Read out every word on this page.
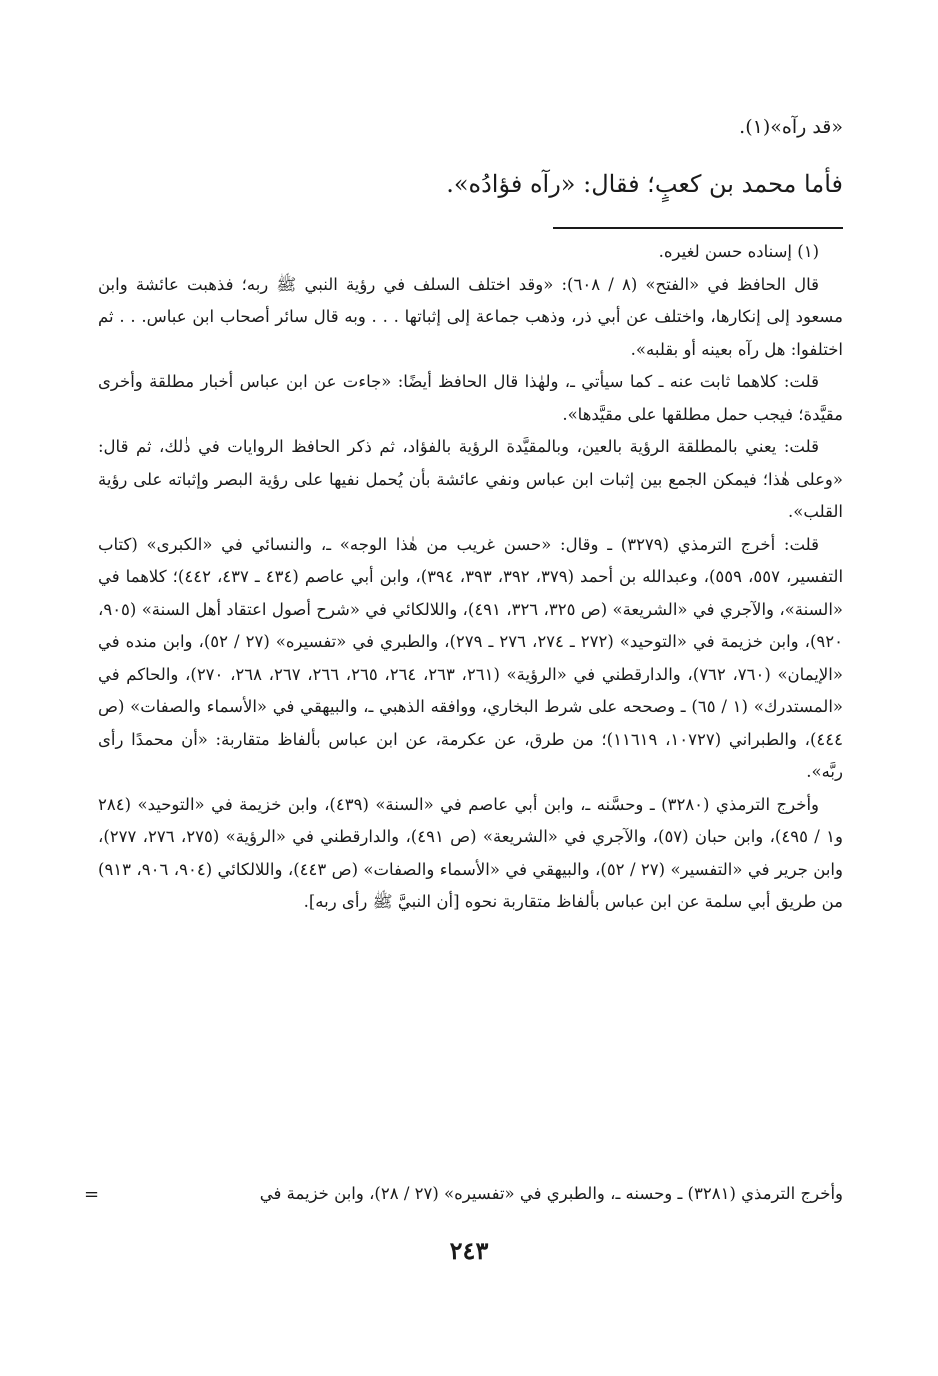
«قد رآه»(١).
فأما محمد بن كعبٍ؛ فقال: «رآه فؤادُه».

(١) إسناده حسن لغيره.

قال الحافظ في «الفتح» (٨ / ٦٠٨): «وقد اختلف السلف في رؤية النبي ﷺ ربه؛ فذهبت عائشة وابن مسعود إلى إنكارها، واختلف عن أبي ذر، وذهب جماعة إلى إثباتها . . . وبه قال سائر أصحاب ابن عباس. . . ثم اختلفوا: هل رآه بعينه أو بقلبه».

قلت: كلاهما ثابت عنه ـ كما سيأتي ـ، ولهٰذا قال الحافظ أيضًا: «جاءت عن ابن عباس أخبار مطلقة وأخرى مقيَّدة؛ فيجب حمل مطلقها على مقيَّدها».

قلت: يعني بالمطلقة الرؤية بالعين، وبالمقيَّدة الرؤية بالفؤاد، ثم ذكر الحافظ الروايات في ذٰلك، ثم قال: «وعلى هٰذا؛ فيمكن الجمع بين إثبات ابن عباس ونفي عائشة بأن يُحمل نفيها على رؤية البصر وإثباته على رؤية القلب».

قلت: أخرج الترمذي (٣٢٧٩) ـ وقال: «حسن غريب من هٰذا الوجه» ـ، والنسائي في «الكبرى» (كتاب التفسير، ٥٥٧، ٥٥٩)، وعبدالله بن أحمد (٣٧٩، ٣٩٢، ٣٩٣، ٣٩٤)، وابن أبي عاصم (٤٣٤ ـ ٤٣٧، ٤٤٢)؛ كلاهما في «السنة»، والآجري في «الشريعة» (ص ٣٢٥، ٣٢٦، ٤٩١)، واللالكائي في «شرح أصول اعتقاد أهل السنة» (٩٠٥، ٩٢٠)، وابن خزيمة في «التوحيد» (٢٧٢ ـ ٢٧٤، ٢٧٦ ـ ٢٧٩)، والطبري في «تفسيره» (٢٧ / ٥٢)، وابن منده في «الإيمان» (٧٦٠، ٧٦٢)، والدارقطني في «الرؤية» (٢٦١، ٢٦٣، ٢٦٤، ٢٦٥، ٢٦٦، ٢٦٧، ٢٦٨، ٢٧٠)، والحاكم في «المستدرك» (١ / ٦٥) ـ وصححه على شرط البخاري، ووافقه الذهبي ـ، والبيهقي في «الأسماء والصفات» (ص ٤٤٤)، والطبراني (١٠٧٢٧، ١١٦١٩)؛ من طرق، عن عكرمة، عن ابن عباس بألفاظ متقاربة: «أن محمدًا رأى ربَّه».

وأخرج الترمذي (٣٢٨٠) ـ وحسَّنه ـ، وابن أبي عاصم في «السنة» (٤٣٩)، وابن خزيمة في «التوحيد» (٢٨٤ و١ / ٤٩٥)، وابن حبان (٥٧)، والآجري في «الشريعة» (ص ٤٩١)، والدارقطني في «الرؤية» (٢٧٥، ٢٧٦، ٢٧٧)، وابن جرير في «التفسير» (٢٧ / ٥٢)، والبيهقي في «الأسماء والصفات» (ص ٤٤٣)، واللالكائي (٩٠٤، ٩٠٦، ٩١٣) من طريق أبي سلمة عن ابن عباس بألفاظ متقاربة نحوه [أن النبيَّ ﷺ رأى ربه].

وأخرج الترمذي (٣٢٨١) ـ وحسنه ـ، والطبري في «تفسيره» (٢٧ / ٢٨)، وابن خزيمة في
=
٢٤٣
